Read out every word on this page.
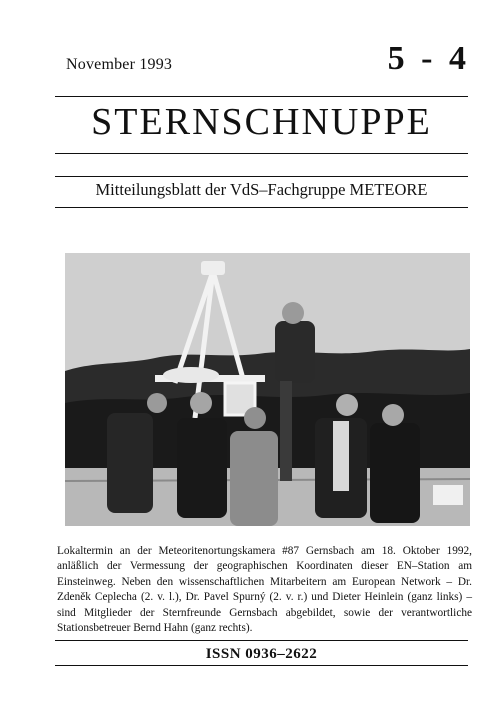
November 1993	5 - 4
STERNSCHNUPPE
Mitteilungsblatt der VdS–Fachgruppe METEORE
Lokaltermin an der Meteoritenortungskamera #87 Gernsbach am 18. Oktober 1992, anläßlich der Vermessung der geographischen Koordinaten dieser EN–Station am Einsteinweg. Neben den wissenschaftlichen Mitarbeitern am European Network – Dr. Zdeněk Ceplecha (2. v. l.), Dr. Pavel Spurný (2. v. r.) und Dieter Heinlein (ganz links) – sind Mitglieder der Sternfreunde Gernsbach abgebildet, sowie der verantwortliche Stationsbetreuer Bernd Hahn (ganz rechts).
ISSN 0936–2622
